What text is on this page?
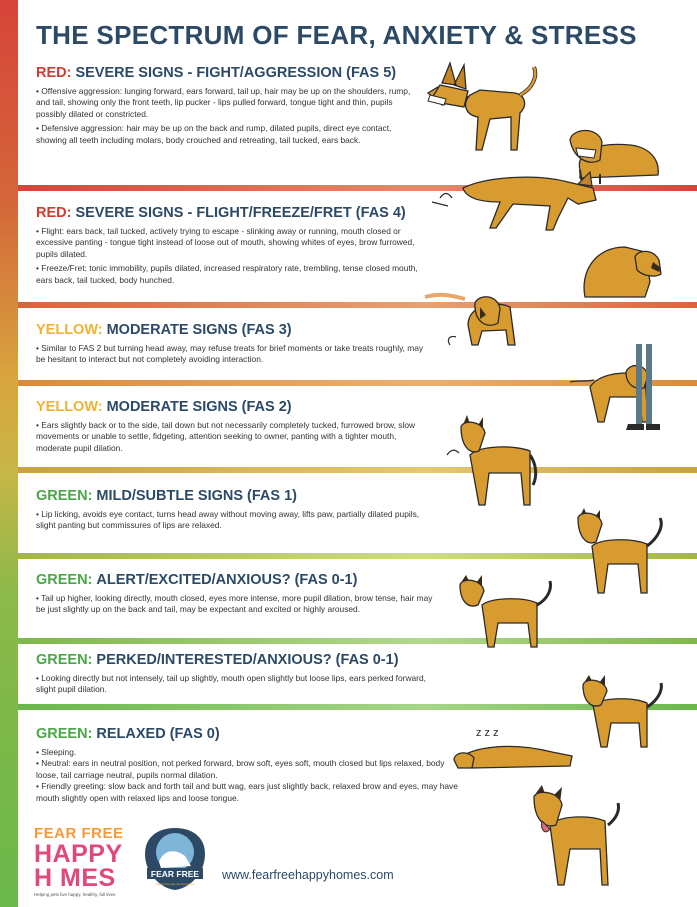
THE SPECTRUM OF FEAR, ANXIETY & STRESS
RED: SEVERE SIGNS - FIGHT/AGGRESSION (FAS 5)

• Offensive aggression: lunging forward, ears forward, tail up, hair may be up on the shoulders, rump, and tail, showing only the front teeth, lip pucker - lips pulled forward, tongue tight and thin, pupils possibly dilated or constricted.

• Defensive aggression: hair may be up on the back and rump, dilated pupils, direct eye contact, showing all teeth including molars, body crouched and retreating, tail tucked, ears back.

RED: SEVERE SIGNS - FLIGHT/FREEZE/FRET (FAS 4)

• Flight: ears back, tail tucked, actively trying to escape - slinking away or running, mouth closed or excessive panting - tongue tight instead of loose out of mouth, showing whites of eyes, brow furrowed, pupils dilated.

• Freeze/Fret: tonic immobility, pupils dilated, increased respiratory rate, trembling, tense closed mouth, ears back, tail tucked, body hunched.

YELLOW: MODERATE SIGNS (FAS 3)

• Similar to FAS 2 but turning head away, may refuse treats for brief moments or take treats roughly, may be hesitant to interact but not completely avoiding interaction.

YELLOW: MODERATE SIGNS (FAS 2)

• Ears slightly back or to the side, tail down but not necessarily completely tucked, furrowed brow, slow movements or unable to settle, fidgeting, attention seeking to owner, panting with a tighter mouth, moderate pupil dilation.

GREEN: MILD/SUBTLE SIGNS (FAS 1)

• Lip licking, avoids eye contact, turns head away without moving away, lifts paw, partially dilated pupils, slight panting but commissures of lips are relaxed.

GREEN: ALERT/EXCITED/ANXIOUS? (FAS 0-1)

• Tail up higher, looking directly, mouth closed, eyes more intense, more pupil dilation, brow tense, hair may be just slightly up on the back and tail, may be expectant and excited or highly aroused.

GREEN: PERKED/INTERESTED/ANXIOUS? (FAS 0-1)

• Looking directly but not intensely, tail up slightly, mouth open slightly but loose lips, ears perked forward, slight pupil dilation.

GREEN: RELAXED (FAS 0)

• Sleeping.

• Neutral: ears in neutral position, not perked forward, brow soft, eyes soft, mouth closed but lips relaxed, body loose, tail carriage neutral, pupils normal dilation.

• Friendly greeting: slow back and forth tail and butt wag, ears just slightly back, relaxed brow and eyes, may have mouth slightly open with relaxed lips and loose tongue.

z z z
FEAR FREE
HAPPY
H MES
Helping pets live happy, healthy, full lives
FEAR FREE
Taking the pet out of pet•ified
www.fearfreehappyhomes.com
